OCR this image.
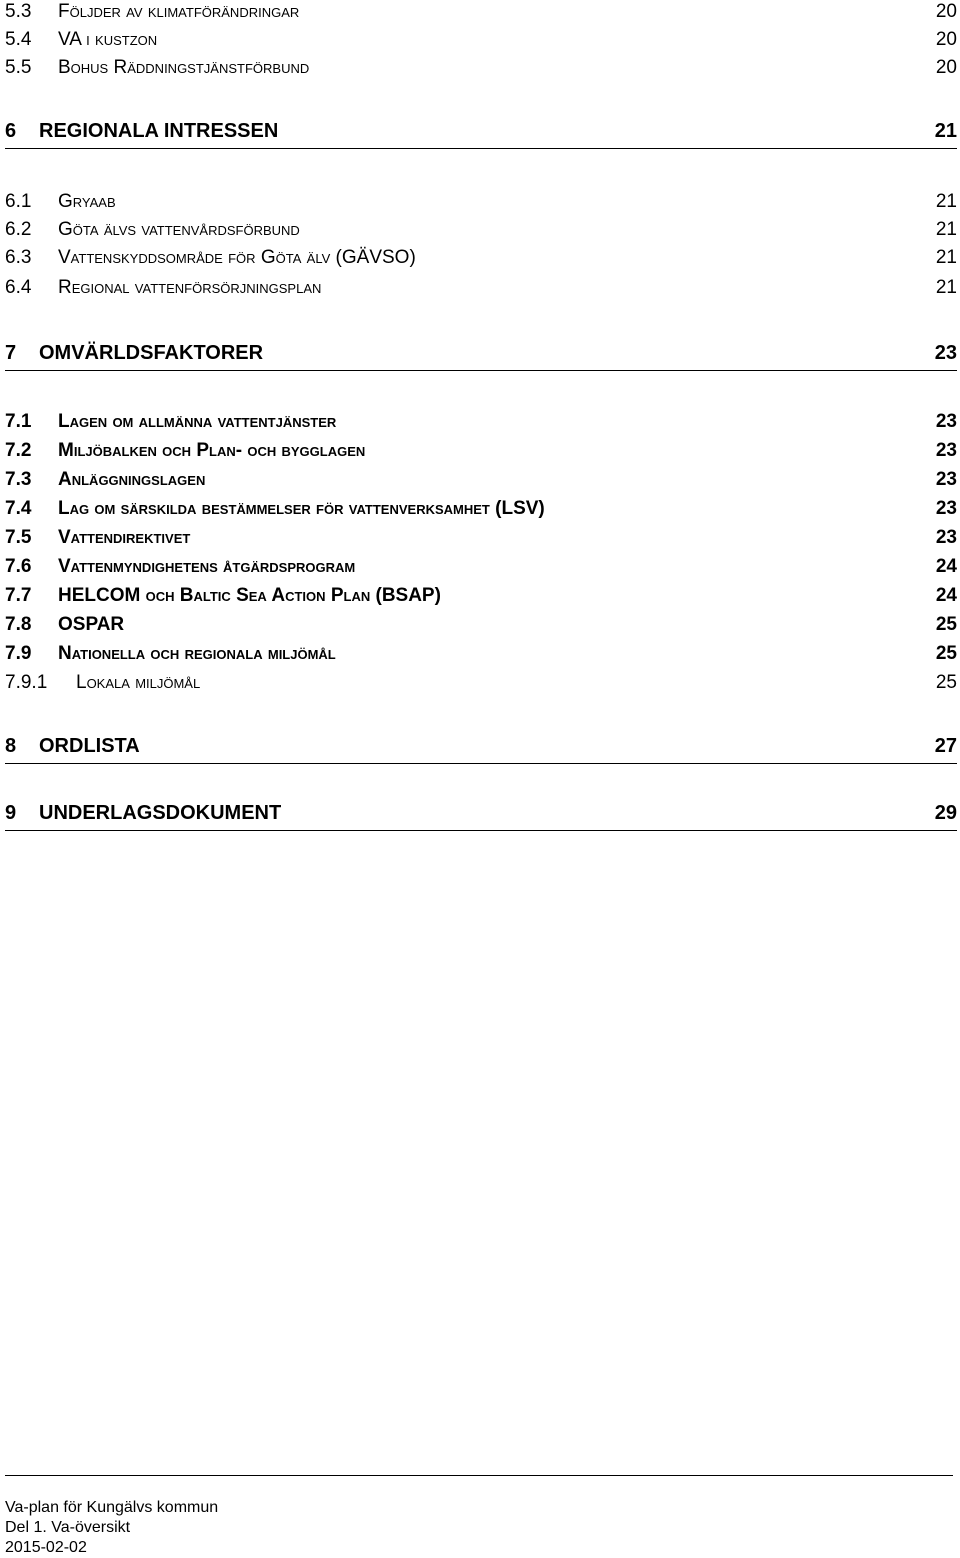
5.3 Följder av klimatförändringar	20
5.4 VA i kustzon	20
5.5 Bohus Räddningstjänstförbund	20
6 REGIONALA INTRESSEN	21
6.1 Gryaab	21
6.2 Göta älvs vattenvårdsförbund	21
6.3 Vattenskyddsområde för Göta älv (GÄVSO)	21
6.4 Regional vattenförsörjningsplan	21
7 OMVÄRLDSFAKTORER	23
7.1 Lagen om allmänna vattentjänster	23
7.2 Miljöbalken och Plan- och bygglagen	23
7.3 Anläggningslagen	23
7.4 Lag om särskilda bestämmelser för vattenverksamhet (LSV)	23
7.5 Vattendirektivet	23
7.6 Vattenmyndighetens åtgärdsprogram	24
7.7 HELCOM och Baltic Sea Action Plan (BSAP)	24
7.8 OSPAR	25
7.9 Nationella och regionala miljömål	25
7.9.1 Lokala miljömål	25
8 ORDLISTA	27
9 UNDERLAGSDOKUMENT	29
Va-plan för Kungälvs kommun
Del 1. Va-översikt
2015-02-02
